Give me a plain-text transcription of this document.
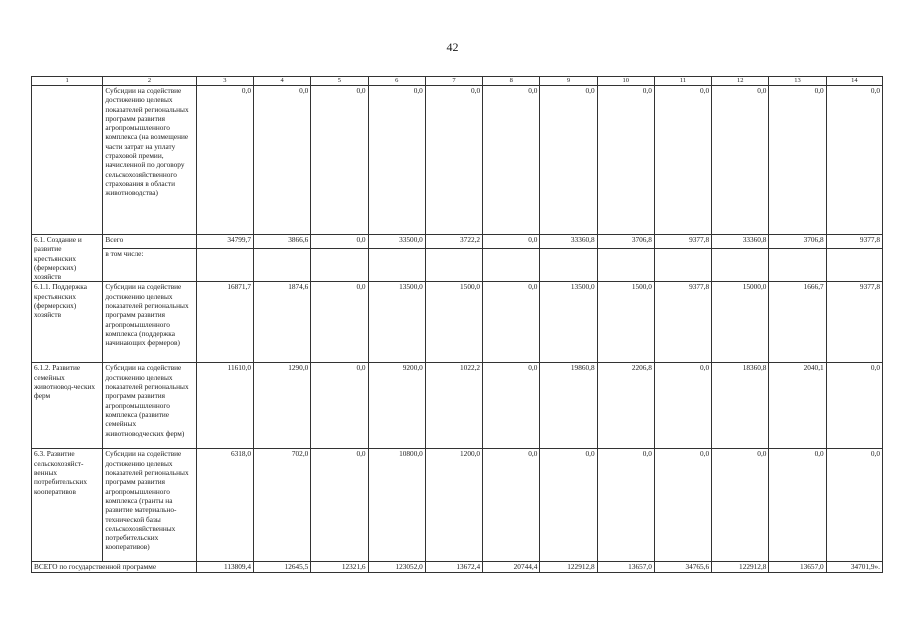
42
1	2	3	4	5	6	7	8	9	10	11	12	13	14
	Субсидии на содействие достижению целевых показателей региональных программ развития агропромышленного комплекса (на возмещение части затрат на уплату страховой премии, начисленной по договору сельскохозяйственного страхования в области животноводства)	0,0	0,0	0,0	0,0	0,0	0,0	0,0	0,0	0,0	0,0	0,0	0,0
6.1. Создание и развитие крестьянских (фермерских) хозяйств	Всего	34799,7	3866,6	0,0	33500,0	3722,2	0,0	33360,8	3706,8	9377,8	33360,8	3706,8	9377,8
	в том числе:												
6.1.1. Поддержка крестьянских (фермерских) хозяйств	Субсидии на содействие достижению целевых показателей региональных программ развития агропромышленного комплекса (поддержка начинающих фермеров)	16871,7	1874,6	0,0	13500,0	1500,0	0,0	13500,0	1500,0	9377,8	15000,0	1666,7	9377,8
6.1.2. Развитие семейных животновод-ческих ферм	Субсидии на содействие достижению целевых показателей региональных программ развития агропромышленного комплекса (развитие семейных животноводческих ферм)	11610,0	1290,0	0,0	9200,0	1022,2	0,0	19860,8	2206,8	0,0	18360,8	2040,1	0,0
6.3. Развитие сельскохозяйст-венных потребительских кооперативов	Субсидии на содействие достижению целевых показателей региональных программ развития агропромышленного комплекса (гранты на развитие материально-технической базы сельскохозяйственных потребительских кооперативов)	6318,0	702,0	0,0	10800,0	1200,0	0,0	0,0	0,0	0,0	0,0	0,0	0,0
ВСЕГО по государственной программе		113809,4	12645,5	12321,6	123052,0	13672,4	20744,4	122912,8	13657,0	34765,6	122912,8	13657,0	34701,9».
